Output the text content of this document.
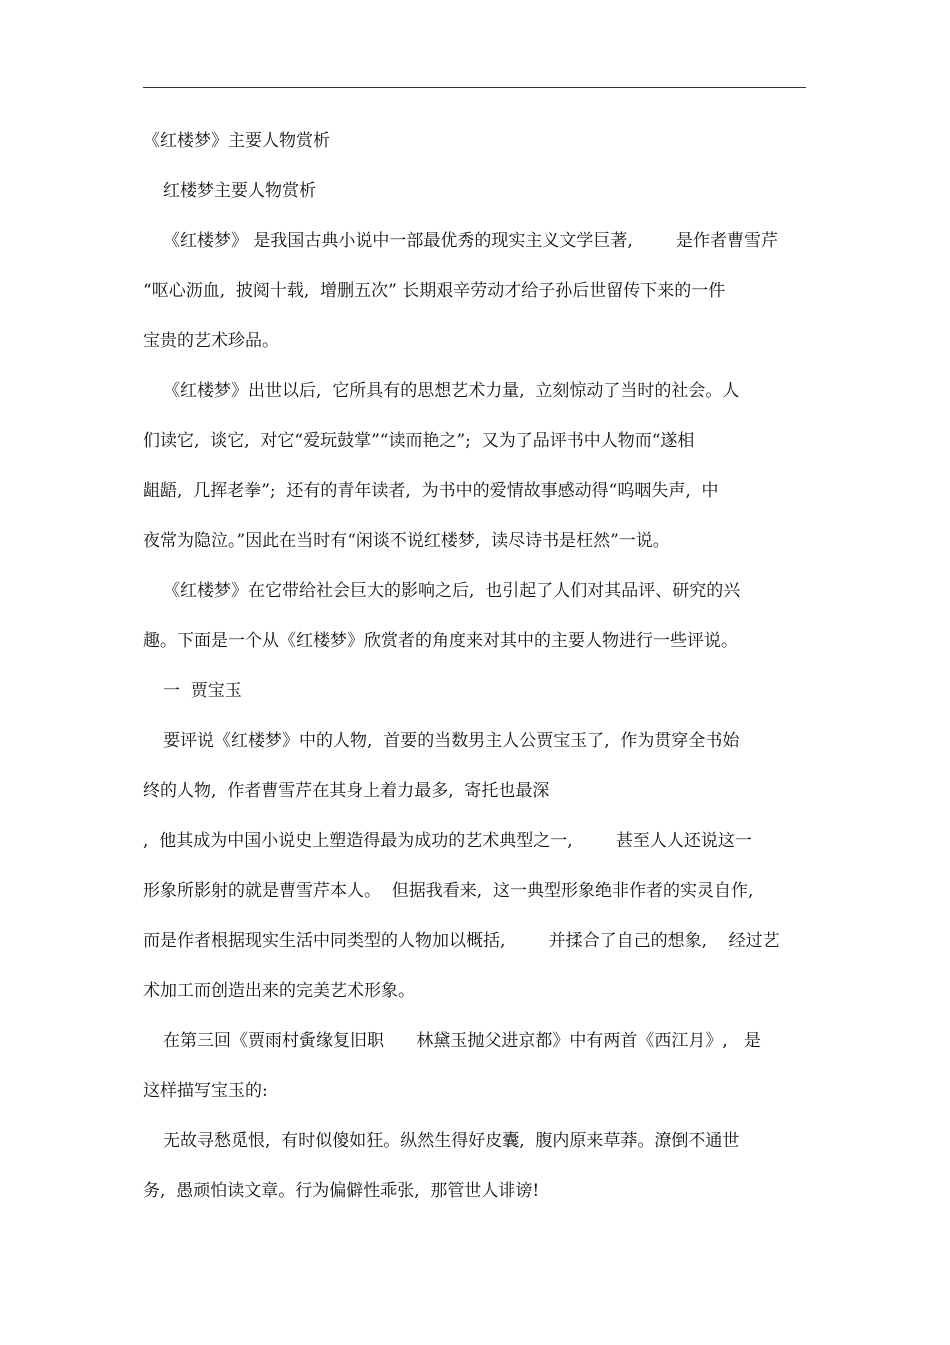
《红楼梦》主要人物赏析
红楼梦主要人物赏析
《红楼梦》 是我国古典小说中一部最优秀的现实主义文学巨著,        是作者曹雪芹
“呕心沥血,  披阅十载,  增删五次” 长期艰辛劳动才给子孙后世留传下来的一件
宝贵的艺术珍品。
《红楼梦》出世以后,  它所具有的思想艺术力量,  立刻惊动了当时的社会。人
们读它,  谈它,  对它“爱玩鼓掌”“读而艳之”;  又为了品评书中人物而“遂相
龃龉,  几挥老拳”;  还有的青年读者,  为书中的爱情故事感动得“呜咽失声,  中
夜常为隐泣。”因此在当时有“闲谈不说红楼梦,  读尽诗书是枉然”一说。
《红楼梦》在它带给社会巨大的影响之后,  也引起了人们对其品评、研究的兴
趣。下面是一个从《红楼梦》欣赏者的角度来对其中的主要人物进行一些评说。
一  贾宝玉
要评说《红楼梦》中的人物,  首要的当数男主人公贾宝玉了,  作为贯穿全书始
终的人物,  作者曹雪芹在其身上着力最多,  寄托也最深
,  他其成为中国小说史上塑造得最为成功的艺术典型之一,        甚至人人还说这一
形象所影射的就是曹雪芹本人。  但据我看来,  这一典型形象绝非作者的实灵自作,
而是作者根据现实生活中同类型的人物加以概括,        并揉合了自己的想象,    经过艺
术加工而创造出来的完美艺术形象。
在第三回《贾雨村夤缘复旧职      林黛玉抛父进京都》中有两首《西江月》,   是
这样描写宝玉的:
无故寻愁觅恨,  有时似傻如狂。纵然生得好皮囊,  腹内原来草莽。潦倒不通世
务,  愚顽怕读文章。行为偏僻性乖张,  那管世人诽谤!
